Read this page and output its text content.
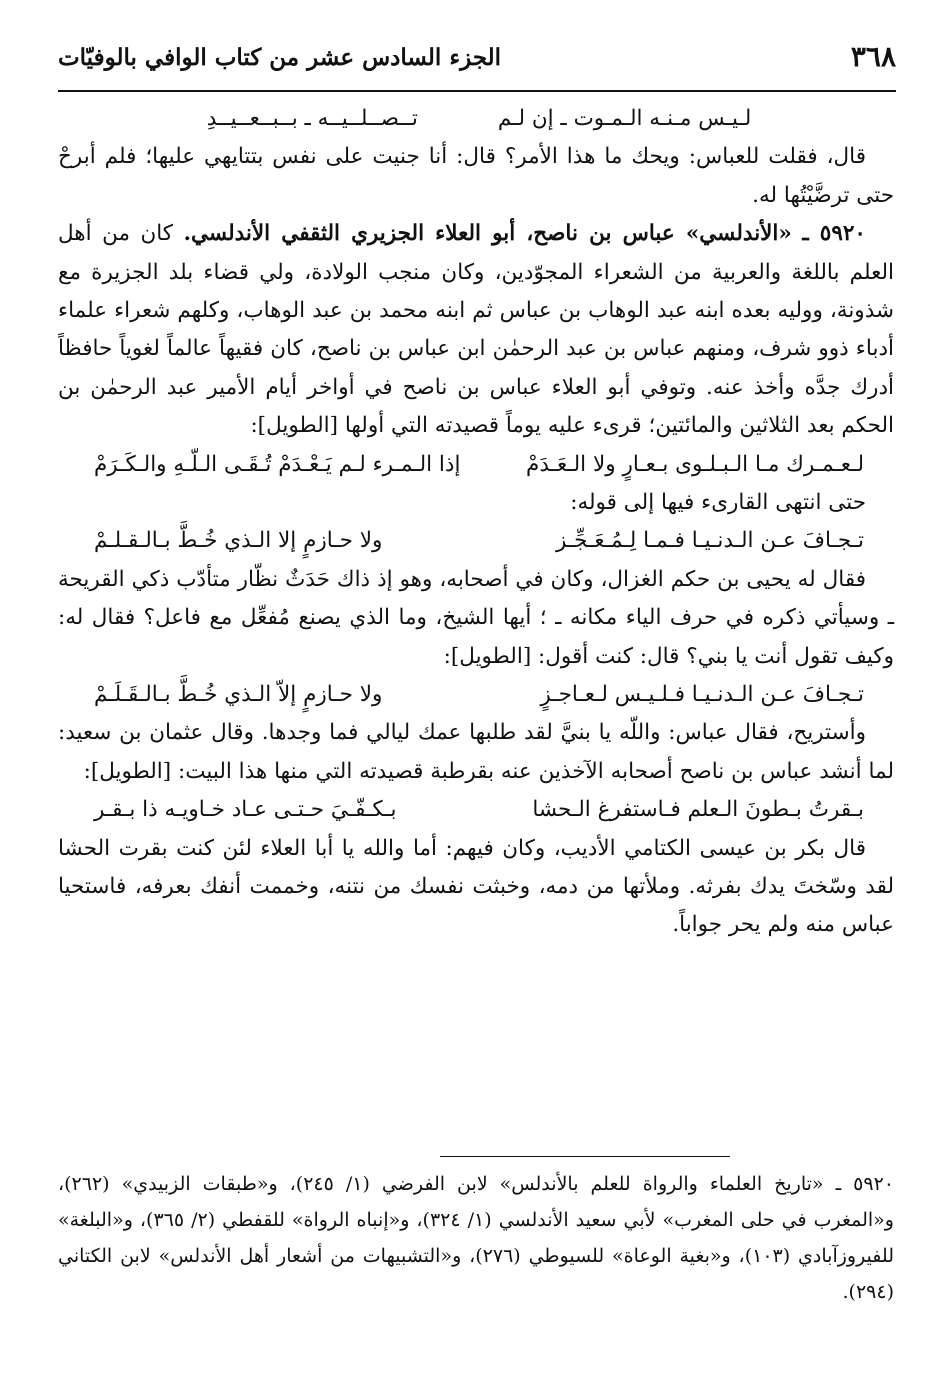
٣٦٨
الجزء السادس عشر من كتاب الوافي بالوفيّات
لـيـس مـنـه الـمـوت ـ إن لـم
تــصــلــيــه ـ بــبــعــيــدِ

قال، فقلت للعباس: ويحك ما هذا الأمر؟ قال: أنا جنيت على نفس بتتايهي عليها؛ فلم أبرحْ حتى ترضَّيْتُها له.

٥٩٢٠ ـ «الأندلسي» عباس بن ناصح، أبو العلاء الجزيري الثقفي الأندلسي. كان من أهل العلم باللغة والعربية من الشعراء المجوّدين، وكان منجب الولادة، ولي قضاء بلد الجزيرة مع شذونة، ووليه بعده ابنه عبد الوهاب بن عباس ثم ابنه محمد بن عبد الوهاب، وكلهم شعراء علماء أدباء ذوو شرف، ومنهم عباس بن عبد الرحمٰن ابن عباس بن ناصح، كان فقيهاً عالماً لغوياً حافظاً أدرك جدَّه وأخذ عنه. وتوفي أبو العلاء عباس بن ناصح في أواخر أيام الأمير عبد الرحمٰن بن الحكم بعد الثلاثين والمائتين؛ قرىء عليه يوماً قصيدته التي أولها [الطويل]:

لـعـمـرك مـا الـبـلـوى بـعـارٍ ولا الـعَـدَمْ
إذا الـمـرء لـم يَـعْـدَمْ تُـقَـى الـلّـهِ والـكَـرَمْ

حتى انتهى القارىء فيها إلى قوله:

تـجـافَ عـن الـدنـيـا فـمـا لِـمُـعَـجِّـز
ولا حـازمٍ إلا الـذي خُـطَّ بـالـقـلـمْ

فقال له يحيى بن حكم الغزال، وكان في أصحابه، وهو إذ ذاك حَدَثٌ نظّار متأدّب ذكي القريحة ـ وسيأتي ذكره في حرف الياء مكانه ـ ؛ أيها الشيخ، وما الذي يصنع مُفعِّل مع فاعل؟ فقال له: وكيف تقول أنت يا بني؟ قال: كنت أقول: [الطويل]:

تـجـافَ عـن الـدنـيـا فـلـيـس لـعـاجـزٍ
ولا حـازمٍ إلاّ الـذي خُـطَّ بـالـقَـلَـمْ

وأستريح، فقال عباس: واللّه يا بنيَّ لقد طلبها عمك ليالي فما وجدها. وقال عثمان بن سعيد: لما أنشد عباس بن ناصح أصحابه الآخذين عنه بقرطبة قصيدته التي منها هذا البيت: [الطويل]:

بـقرتُ بـطونَ الـعلم فـاستفرغ الـحشا
بـكـفّـيَ حـتـى عـاد خـاويـه ذا بـقـر

قال بكر بن عيسى الكتامي الأديب، وكان فيهم: أما والله يا أبا العلاء لئن كنت بقرت الحشا لقد وسّختَ يدك بفرثه. وملأتها من دمه، وخبثت نفسك من نتنه، وخممت أنفك بعرفه، فاستحيا عباس منه ولم يحر جواباً.

٥٩٢٠ ـ «تاريخ العلماء والرواة للعلم بالأندلس» لابن الفرضي (١/ ٢٤٥)، و«طبقات الزبيدي» (٢٦٢)، و«المغرب في حلى المغرب» لأبي سعيد الأندلسي (١/ ٣٢٤)، و«إنباه الرواة» للقفطي (٢/ ٣٦٥)، و«البلغة» للفيروزآبادي (١٠٣)، و«بغية الوعاة» للسيوطي (٢٧٦)، و«التشبيهات من أشعار أهل الأندلس» لابن الكتاني (٢٩٤).
